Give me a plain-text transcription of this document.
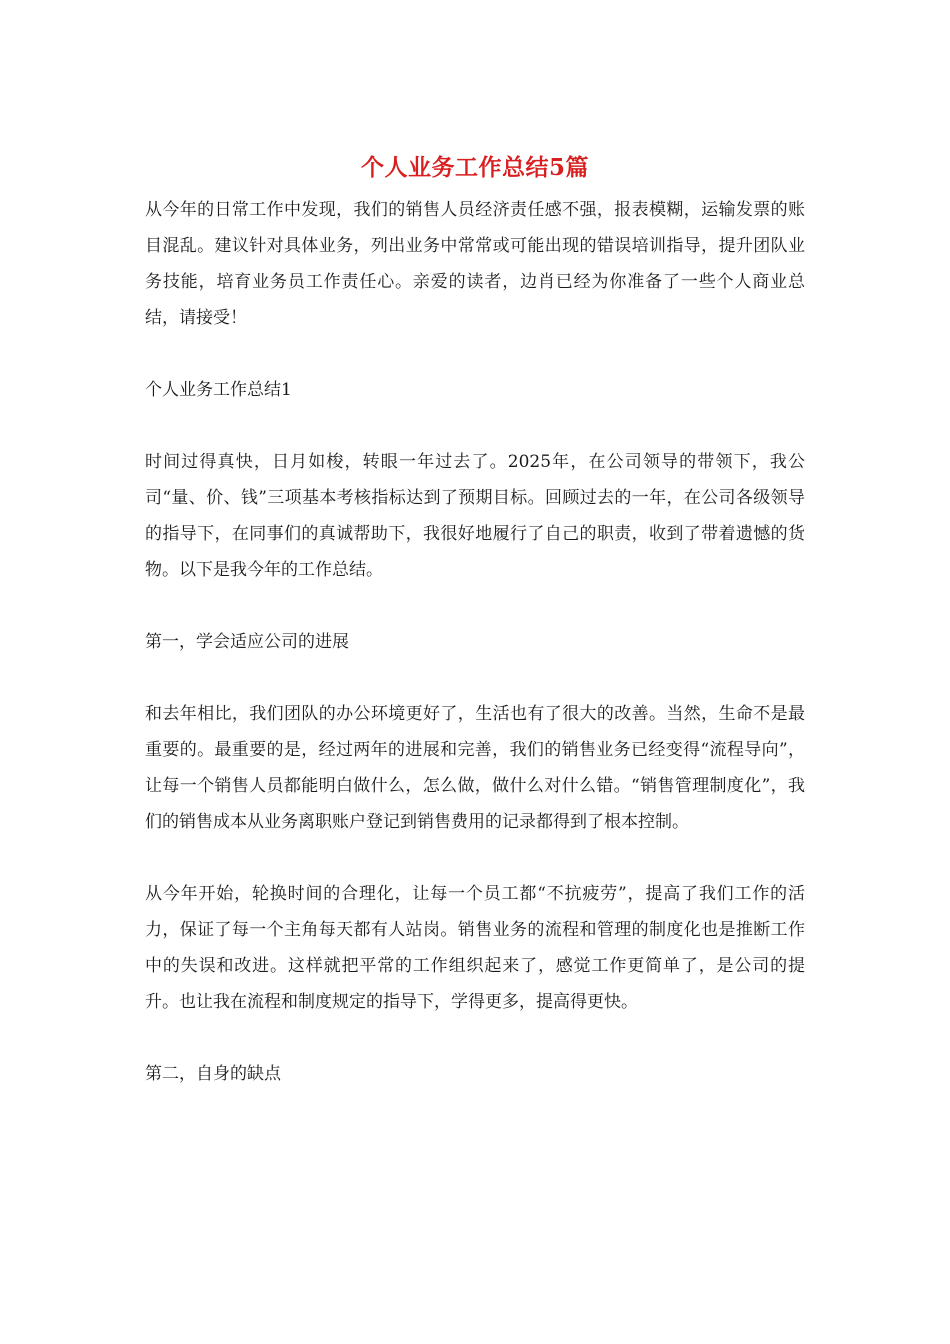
个人业务工作总结5篇

从今年的日常工作中发现，我们的销售人员经济责任感不强，报表模糊，运输发票的账目混乱。建议针对具体业务，列出业务中常常或可能出现的错误培训指导，提升团队业务技能，培育业务员工作责任心。亲爱的读者，边肖已经为你准备了一些个人商业总结，请接受！

个人业务工作总结1

时间过得真快，日月如梭，转眼一年过去了。2025年，在公司领导的带领下，我公司“量、价、钱”三项基本考核指标达到了预期目标。回顾过去的一年，在公司各级领导的指导下，在同事们的真诚帮助下，我很好地履行了自己的职责，收到了带着遗憾的货物。以下是我今年的工作总结。

第一，学会适应公司的进展

和去年相比，我们团队的办公环境更好了，生活也有了很大的改善。当然，生命不是最重要的。最重要的是，经过两年的进展和完善，我们的销售业务已经变得“流程导向”，让每一个销售人员都能明白做什么，怎么做，做什么对什么错。“销售管理制度化”，我们的销售成本从业务离职账户登记到销售费用的记录都得到了根本控制。

从今年开始，轮换时间的合理化，让每一个员工都“不抗疲劳”，提高了我们工作的活力，保证了每一个主角每天都有人站岗。销售业务的流程和管理的制度化也是推断工作中的失误和改进。这样就把平常的工作组织起来了，感觉工作更简单了，是公司的提升。也让我在流程和制度规定的指导下，学得更多，提高得更快。

第二，自身的缺点
